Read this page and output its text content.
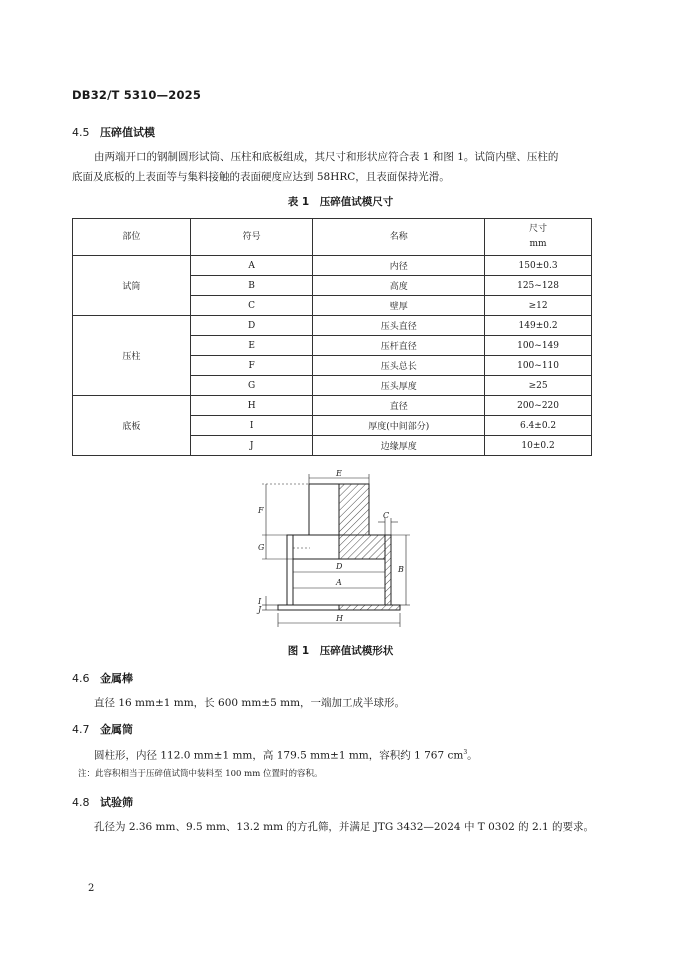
DB32/T 5310—2025
4.5 压碎值试模
由两端开口的钢制圆形试筒、压柱和底板组成，其尺寸和形状应符合表 1 和图 1。试筒内壁、压柱的
底面及底板的上表面等与集料接触的表面硬度应达到 58HRC，且表面保持光滑。
表 1　压碎值试模尺寸
部位	符号	名称	尺寸
mm

试筒	A	内径	150±0.3
	B	高度	125~128
	C	壁厚	≥12
压柱	D	压头直径	149±0.2
	E	压杆直径	100~149
	F	压头总长	100~110
	G	压头厚度	≥25
底板	H	直径	200~220
	I	厚度(中间部分)	6.4±0.2
	J	边缘厚度	10±0.2
E
F
G
D
A
C
B
I
J
H
图 1　压碎值试模形状
4.6 金属棒
直径 16 mm±1 mm，长 600 mm±5 mm，一端加工成半球形。
4.7 金属筒
圆柱形，内径 112.0 mm±1 mm，高 179.5 mm±1 mm，容积约 1 767 $cm^3$。
注：此容积相当于压碎值试筒中装料至 100 mm 位置时的容积。
4.8 试验筛
孔径为 2.36 mm、9.5 mm、13.2 mm 的方孔筛，并满足 JTG 3432—2024 中 T 0302 的 2.1 的要求。
2
